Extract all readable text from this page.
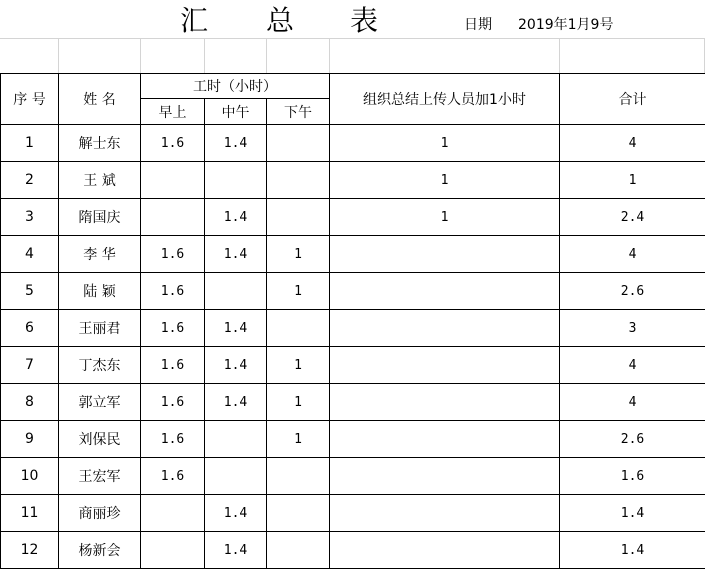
汇 总 表	日期 2019年1月9号
序 号	姓 名	工时（小时）			组织总结上传人员加1小时	合计
		早上	中午	下午		
1	解士东	1.6	1.4		1	4
2	王 斌				1	1
3	隋国庆		1.4		1	2.4
4	李 华	1.6	1.4	1		4
5	陆 颖	1.6		1		2.6
6	王丽君	1.6	1.4			3
7	丁杰东	1.6	1.4	1		4
8	郭立军	1.6	1.4	1		4
9	刘保民	1.6		1		2.6
10	王宏军	1.6				1.6
11	商丽珍		1.4			1.4
12	杨新会		1.4			1.4
